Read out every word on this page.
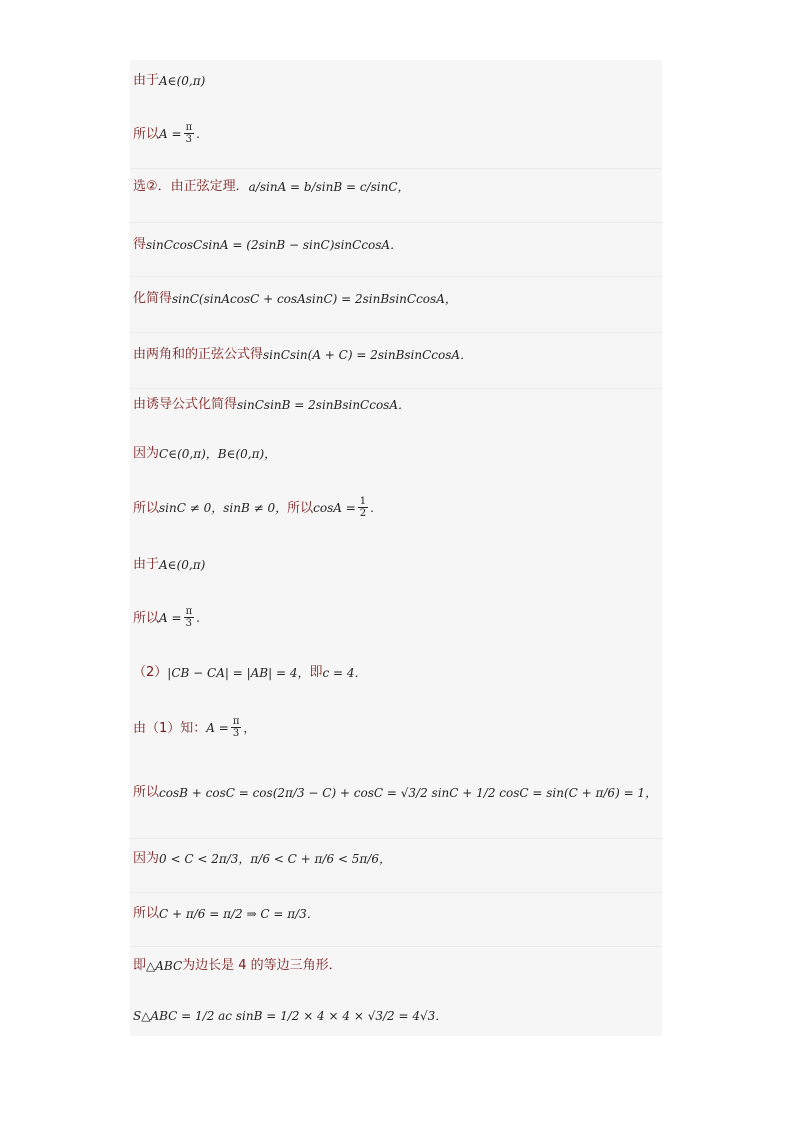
由于 A∈(0,π)
所以 $A = \frac{\pi}{3}$ .
选②．由正弦定理． a/sinA = b/sinB = c/sinC，
得 sinCcosCsinA = (2sinB − sinC)sinCcosA．
化简得 sinC(sinAcosC + cosAsinC) = 2sinBsinCcosA，
由两角和的正弦公式得 sinCsin(A + C) = 2sinBsinCcosA．
由诱导公式化简得 sinCsinB = 2sinBsinCcosA．
因为 C∈(0,π)，B∈(0,π)，
所以 sinC ≠ 0，sinB ≠ 0， 所以 $\cos A = \frac{1}{2}$ .
由于 A∈(0,π)
所以 $A = \frac{\pi}{3}$ .
（2） |CB − CA| = |AB| = 4， 即 c = 4．
由（1）知： $A = \frac{\pi}{3}$ ，
所以 cosB + cosC = cos(2π/3 − C) + cosC = √3/2 sinC + 1/2 cosC = sin(C + π/6) = 1，
因为 0 < C < 2π/3，π/6 < C + π/6 < 5π/6，
所以 C + π/6 = π/2 ⇒ C = π/3．
即 △ABC 为边长是 4 的等边三角形．
S△ABC = 1/2 ac sinB = 1/2 × 4 × 4 × √3/2 = 4√3．
